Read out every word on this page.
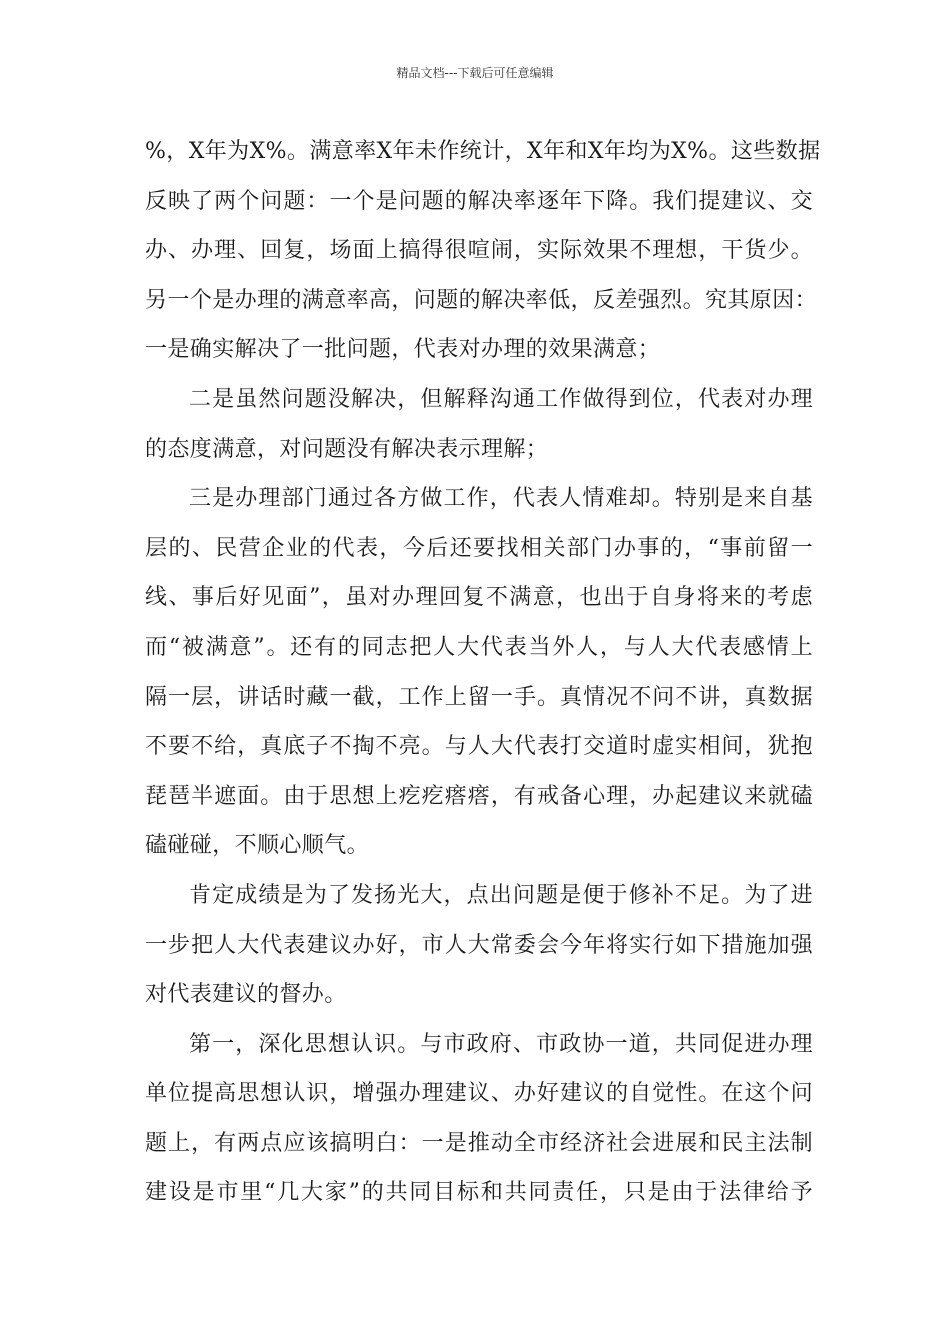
精品文档---下载后可任意编辑
%，X年为X%。满意率X年未作统计，X年和X年均为X%。这些数据
反映了两个问题：一个是问题的解决率逐年下降。我们提建议、交
办、办理、回复，场面上搞得很喧闹，实际效果不理想，干货少。
另一个是办理的满意率高，问题的解决率低，反差强烈。究其原因：
一是确实解决了一批问题，代表对办理的效果满意；
二是虽然问题没解决，但解释沟通工作做得到位，代表对办理
的态度满意，对问题没有解决表示理解；
三是办理部门通过各方做工作，代表人情难却。特别是来自基
层的、民营企业的代表，今后还要找相关部门办事的，“事前留一
线、事后好见面”，虽对办理回复不满意，也出于自身将来的考虑
而“被满意”。还有的同志把人大代表当外人，与人大代表感情上
隔一层，讲话时藏一截，工作上留一手。真情况不问不讲，真数据
不要不给，真底子不掏不亮。与人大代表打交道时虚实相间，犹抱
琵琶半遮面。由于思想上疙疙瘩瘩，有戒备心理，办起建议来就磕
磕碰碰，不顺心顺气。
肯定成绩是为了发扬光大，点出问题是便于修补不足。为了进
一步把人大代表建议办好，市人大常委会今年将实行如下措施加强
对代表建议的督办。
第一，深化思想认识。与市政府、市政协一道，共同促进办理
单位提高思想认识，增强办理建议、办好建议的自觉性。在这个问
题上，有两点应该搞明白：一是推动全市经济社会进展和民主法制
建设是市里“几大家”的共同目标和共同责任，只是由于法律给予
